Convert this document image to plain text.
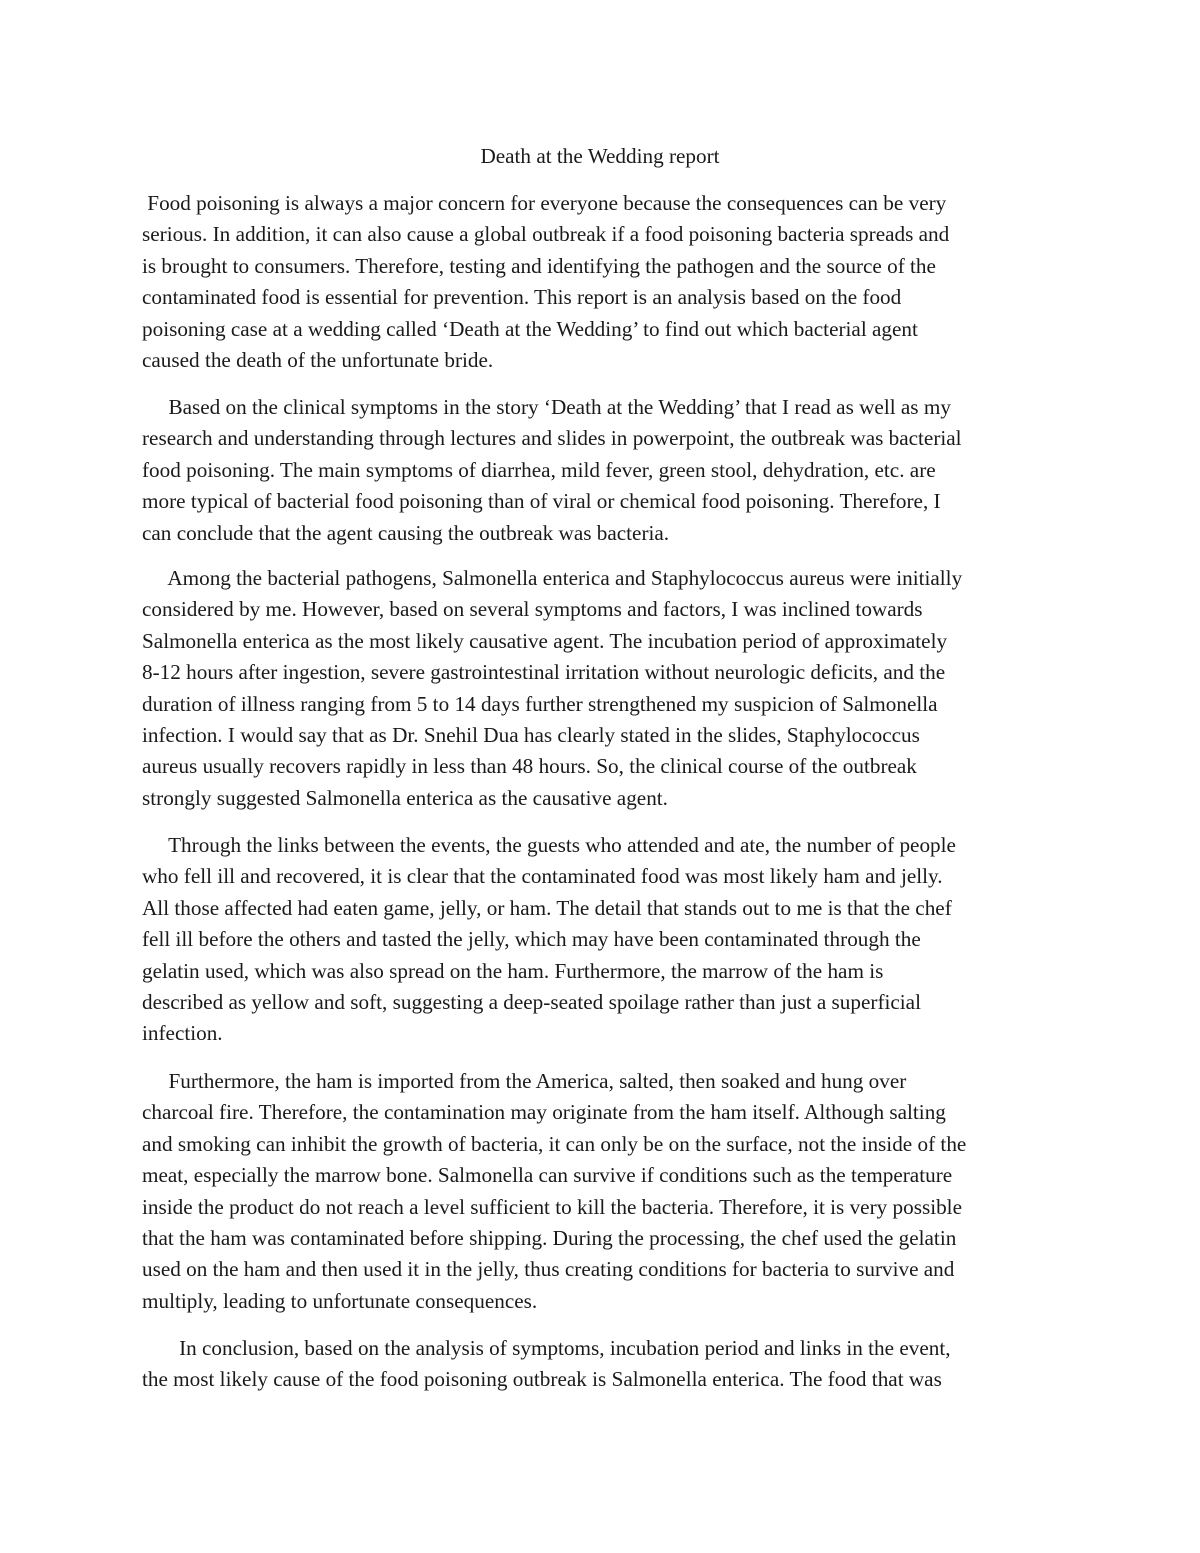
Death at the Wedding report
Food poisoning is always a major concern for everyone because the consequences can be very
serious. In addition, it can also cause a global outbreak if a food poisoning bacteria spreads and
is brought to consumers. Therefore, testing and identifying the pathogen and the source of the
contaminated food is essential for prevention. This report is an analysis based on the food
poisoning case at a wedding called ‘Death at the Wedding’ to find out which bacterial agent
caused the death of the unfortunate bride.
Based on the clinical symptoms in the story ‘Death at the Wedding’ that I read as well as my
research and understanding through lectures and slides in powerpoint, the outbreak was bacterial
food poisoning. The main symptoms of diarrhea, mild fever, green stool, dehydration, etc. are
more typical of bacterial food poisoning than of viral or chemical food poisoning. Therefore, I
can conclude that the agent causing the outbreak was bacteria.
Among the bacterial pathogens, Salmonella enterica and Staphylococcus aureus were initially
considered by me. However, based on several symptoms and factors, I was inclined towards
Salmonella enterica as the most likely causative agent. The incubation period of approximately
8-12 hours after ingestion, severe gastrointestinal irritation without neurologic deficits, and the
duration of illness ranging from 5 to 14 days further strengthened my suspicion of Salmonella
infection. I would say that as Dr. Snehil Dua has clearly stated in the slides, Staphylococcus
aureus usually recovers rapidly in less than 48 hours. So, the clinical course of the outbreak
strongly suggested Salmonella enterica as the causative agent.
Through the links between the events, the guests who attended and ate, the number of people
who fell ill and recovered, it is clear that the contaminated food was most likely ham and jelly.
All those affected had eaten game, jelly, or ham. The detail that stands out to me is that the chef
fell ill before the others and tasted the jelly, which may have been contaminated through the
gelatin used, which was also spread on the ham. Furthermore, the marrow of the ham is
described as yellow and soft, suggesting a deep-seated spoilage rather than just a superficial
infection.
Furthermore, the ham is imported from the America, salted, then soaked and hung over
charcoal fire. Therefore, the contamination may originate from the ham itself. Although salting
and smoking can inhibit the growth of bacteria, it can only be on the surface, not the inside of the
meat, especially the marrow bone. Salmonella can survive if conditions such as the temperature
inside the product do not reach a level sufficient to kill the bacteria. Therefore, it is very possible
that the ham was contaminated before shipping. During the processing, the chef used the gelatin
used on the ham and then used it in the jelly, thus creating conditions for bacteria to survive and
multiply, leading to unfortunate consequences.
In conclusion, based on the analysis of symptoms, incubation period and links in the event,
the most likely cause of the food poisoning outbreak is Salmonella enterica. The food that was
